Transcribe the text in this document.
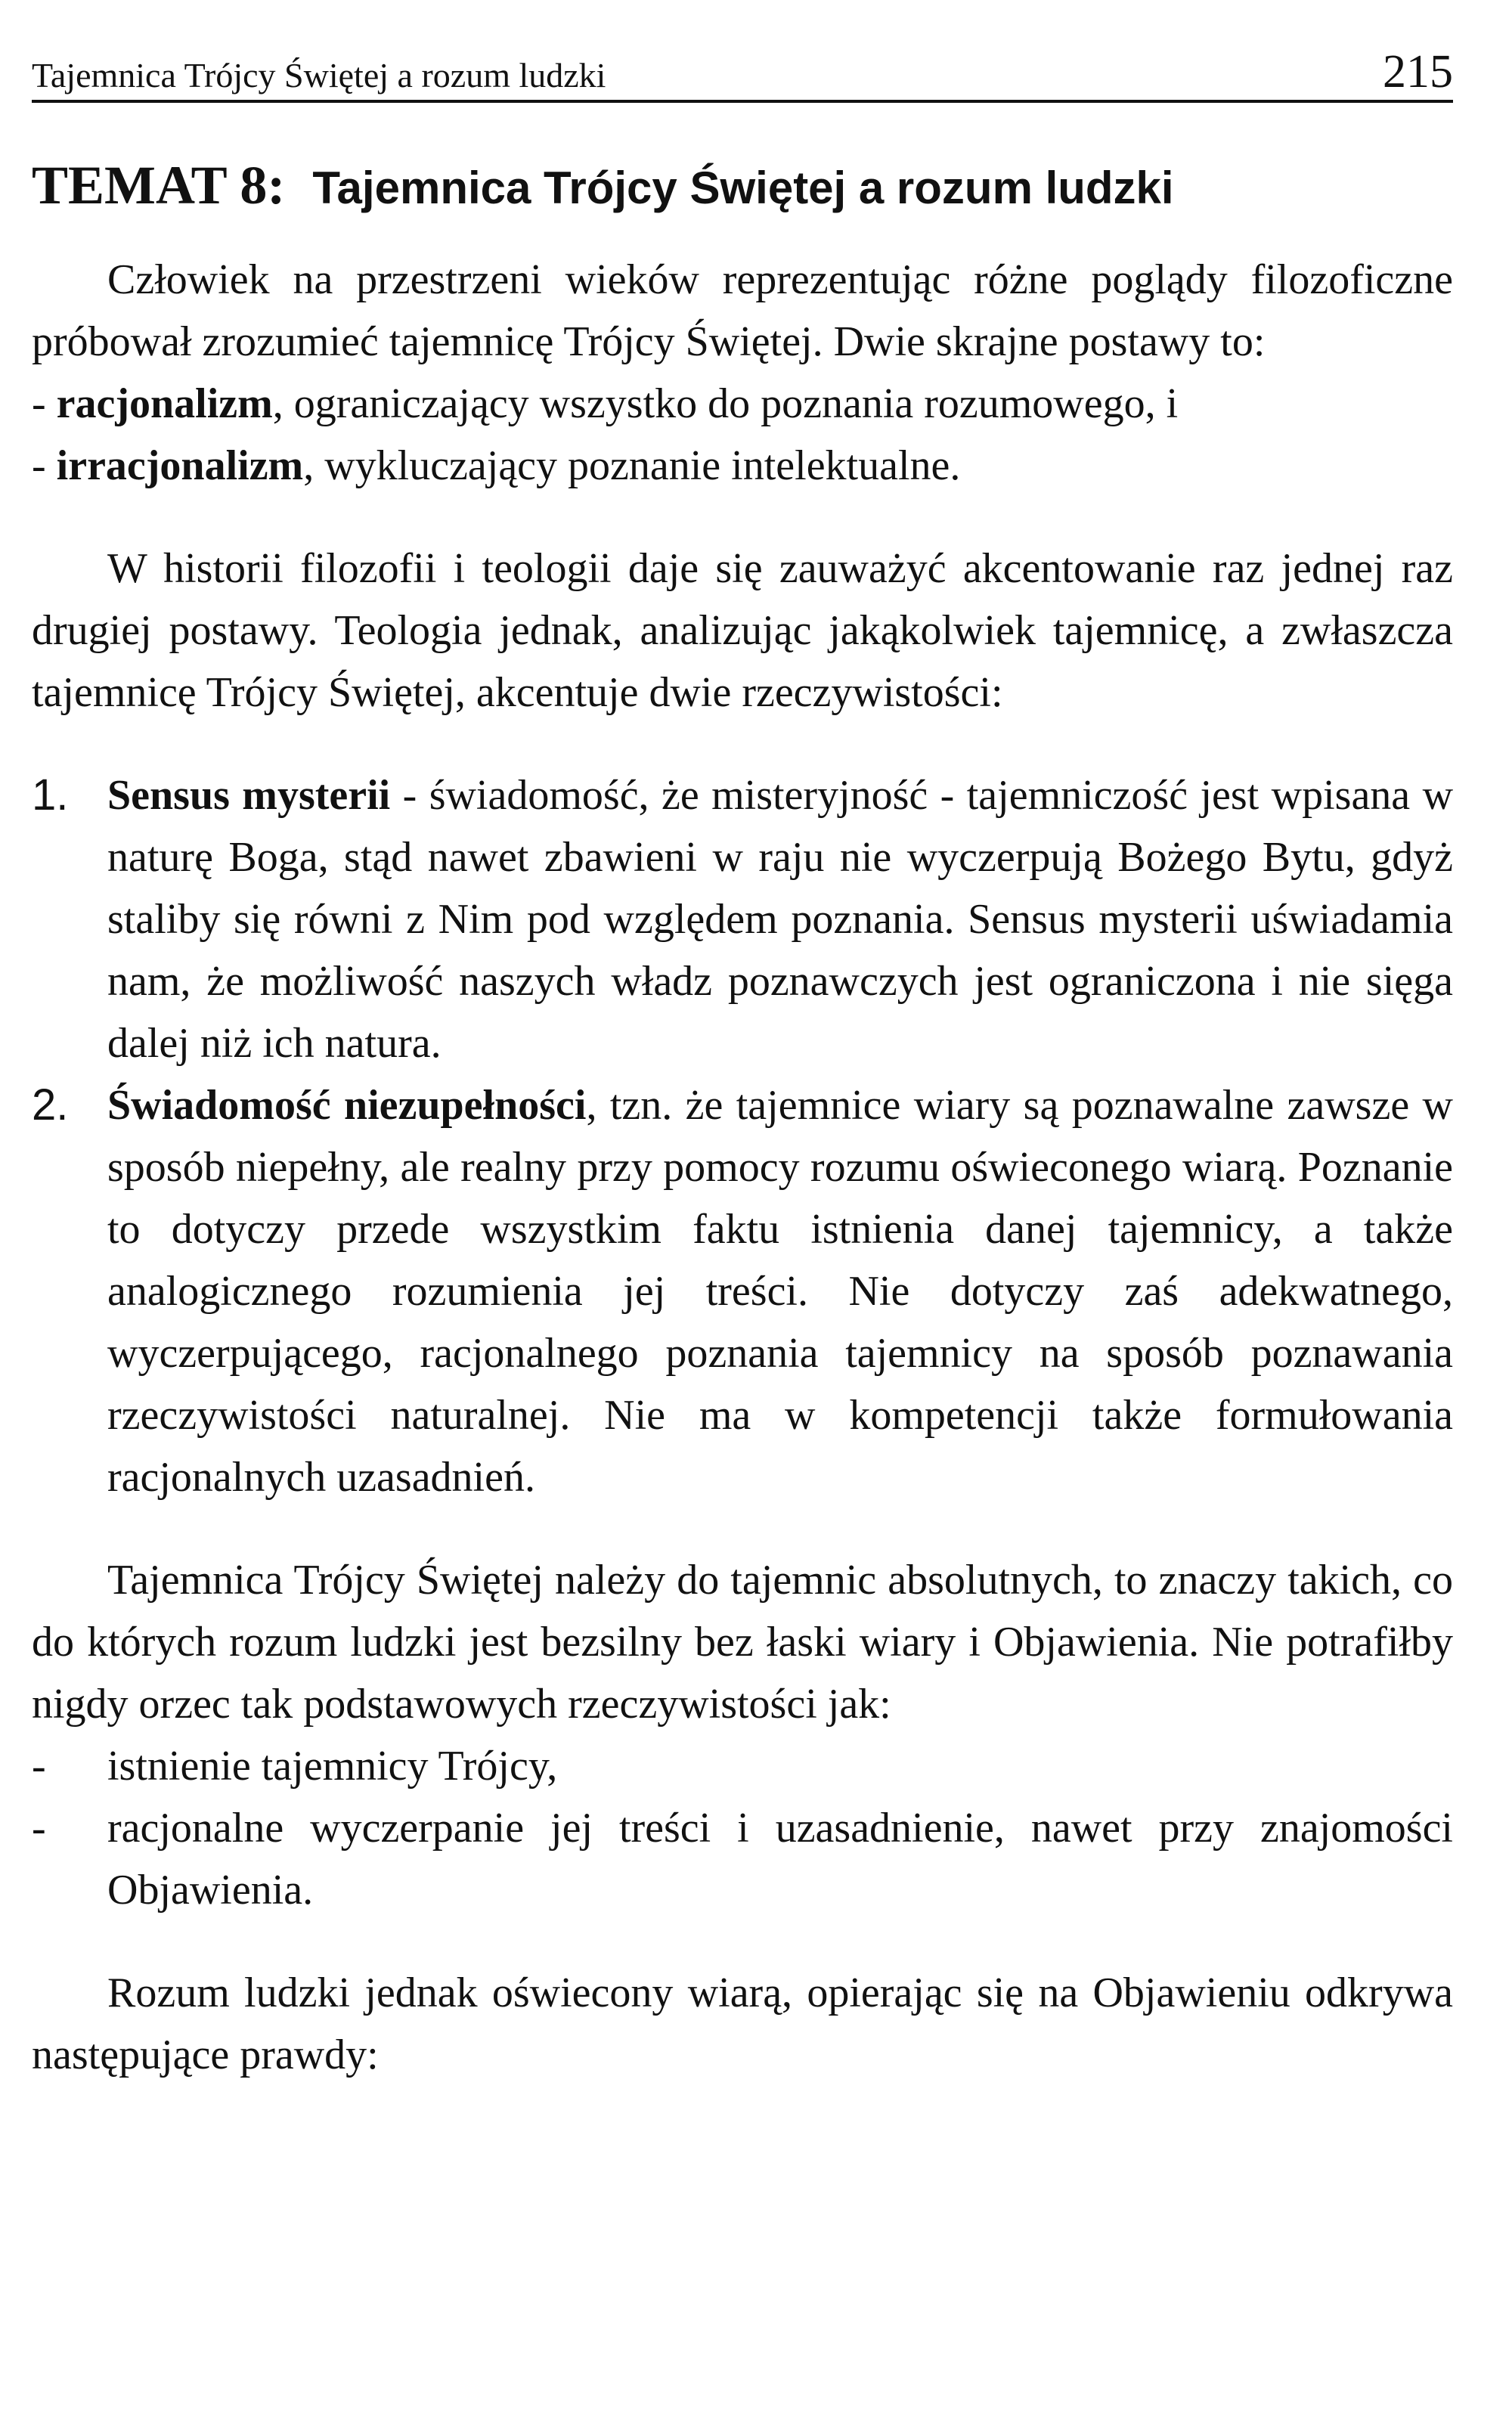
Tajemnica Trójcy Świętej a rozum ludzki	215
TEMAT 8: Tajemnica Trójcy Świętej a rozum ludzki

Człowiek na przestrzeni wieków reprezentując różne poglądy filozoficzne próbował zrozumieć tajemnicę Trójcy Świętej. Dwie skrajne postawy to:

- racjonalizm, ograniczający wszystko do poznania rozumowego, i
- irracjonalizm, wykluczający poznanie intelektualne.

W historii filozofii i teologii daje się zauważyć akcentowanie raz jednej raz drugiej postawy. Teologia jednak, analizując jakąkolwiek tajemnicę, a zwłaszcza tajemnicę Trójcy Świętej, akcentuje dwie rzeczywistości:

1. Sensus mysterii - świadomość, że misteryjność - tajemniczość jest wpisana w naturę Boga, stąd nawet zbawieni w raju nie wyczerpują Bożego Bytu, gdyż staliby się równi z Nim pod względem poznania. Sensus mysterii uświadamia nam, że możliwość naszych władz poznawczych jest ograniczona i nie sięga dalej niż ich natura.
2. Świadomość niezupełności, tzn. że tajemnice wiary są poznawalne zawsze w sposób niepełny, ale realny przy pomocy rozumu oświeconego wiarą. Poznanie to dotyczy przede wszystkim faktu istnienia danej tajemnicy, a także analogicznego rozumienia jej treści. Nie dotyczy zaś adekwatnego, wyczerpującego, racjonalnego poznania tajemnicy na sposób poznawania rzeczywistości naturalnej. Nie ma w kompetencji także formułowania racjonalnych uzasadnień.

Tajemnica Trójcy Świętej należy do tajemnic absolutnych, to znaczy takich, co do których rozum ludzki jest bezsilny bez łaski wiary i Objawienia. Nie potrafiłby nigdy orzec tak podstawowych rzeczywistości jak:

-	istnienie tajemnicy Trójcy,
-	racjonalne wyczerpanie jej treści i uzasadnienie, nawet przy znajomości Objawienia.

Rozum ludzki jednak oświecony wiarą, opierając się na Objawieniu odkrywa następujące prawdy:
